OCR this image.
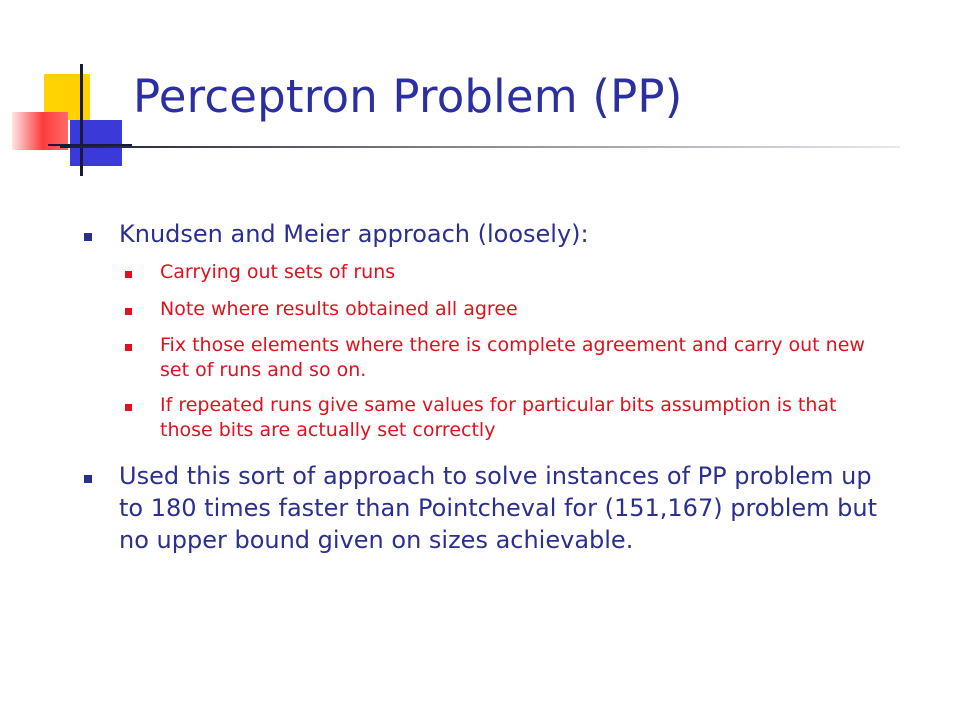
Perceptron Problem (PP)
Knudsen and Meier approach (loosely):
Carrying out sets of runs
Note where results obtained all agree
Fix those elements where there is complete agreement and carry out new set of runs and so on.
If repeated runs give same values for particular bits assumption is that those bits are actually set correctly
Used this sort of approach to solve instances of PP problem up to 180 times faster than Pointcheval for (151,167) problem but no upper bound given on sizes achievable.
